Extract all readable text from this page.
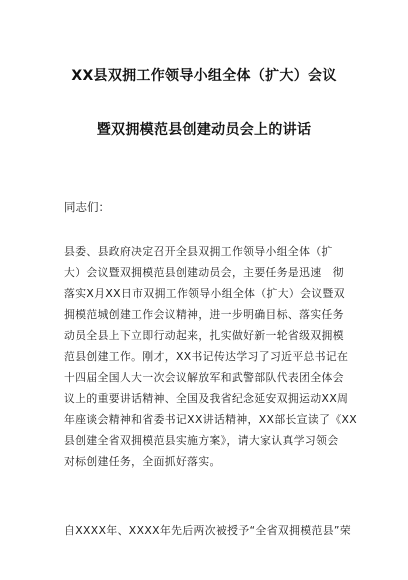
XX县双拥工作领导小组全体（扩大）会议
暨双拥模范县创建动员会上的讲话
同志们：
县委、县政府决定召开全县双拥工作领导小组全体（扩
大）会议暨双拥模范县创建动员会，主要任务是迅速　彻
落实X月XX日市双拥工作领导小组全体（扩大）会议暨双
拥模范城创建工作会议精神，进一步明确目标、落实任务
动员全县上下立即行动起来，扎实做好新一轮省级双拥模
范县创建工作。刚才，XX书记传达学习了习近平总书记在
十四届全国人大一次会议解放军和武警部队代表团全体会
议上的重要讲话精神、全国及我省纪念延安双拥运动XX周
年座谈会精神和省委书记XX讲话精神，XX部长宣读了《XX
县创建全省双拥模范县实施方案》，请大家认真学习领会
对标创建任务，全面抓好落实。
自XXXX年、XXXX年先后两次被授予“全省双拥模范县”荣
